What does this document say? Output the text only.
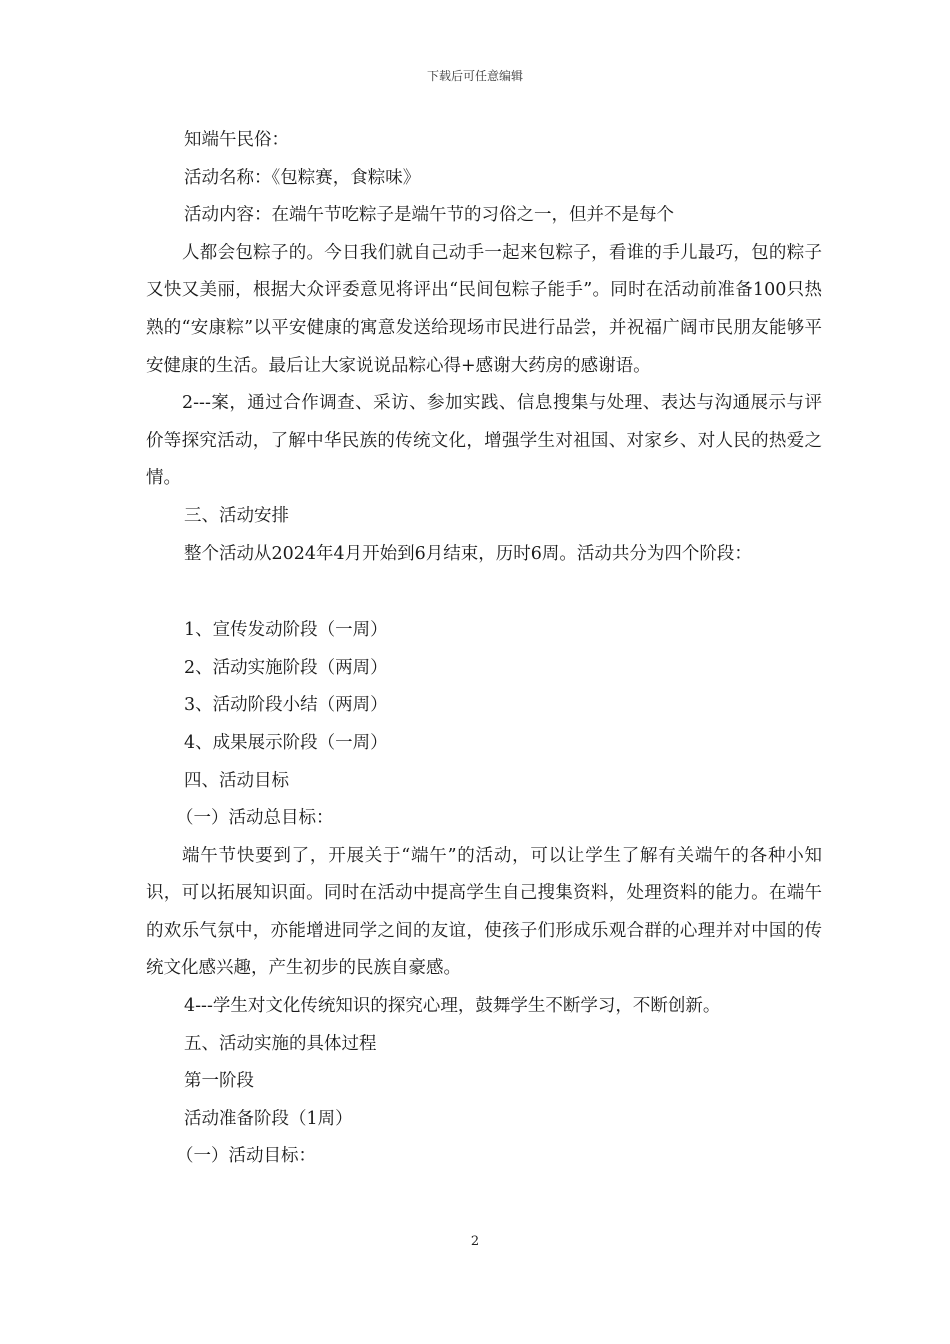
下载后可任意编辑

知端午民俗：

活动名称：《包粽赛，食粽味》

活动内容：在端午节吃粽子是端午节的习俗之一，但并不是每个

人都会包粽子的。今日我们就自己动手一起来包粽子，看谁的手儿最巧，包的粽子又快又美丽，根据大众评委意见将评出“民间包粽子能手”。同时在活动前准备100只热熟的“安康粽”以平安健康的寓意发送给现场市民进行品尝，并祝福广阔市民朋友能够平安健康的生活。最后让大家说说品粽心得+感谢大药房的感谢语。

2---案，通过合作调查、采访、参加实践、信息搜集与处理、表达与沟通展示与评价等探究活动，了解中华民族的传统文化，增强学生对祖国、对家乡、对人民的热爱之情。

三、活动安排

整个活动从2024年4月开始到6月结束，历时6周。活动共分为四个阶段：

1、宣传发动阶段（一周）

2、活动实施阶段（两周）

3、活动阶段小结（两周）

4、成果展示阶段（一周）

四、活动目标

（一）活动总目标：

端午节快要到了，开展关于“端午”的活动，可以让学生了解有关端午的各种小知识，可以拓展知识面。同时在活动中提高学生自己搜集资料，处理资料的能力。在端午的欢乐气氛中，亦能增进同学之间的友谊，使孩子们形成乐观合群的心理并对中国的传统文化感兴趣，产生初步的民族自豪感。

4---学生对文化传统知识的探究心理，鼓舞学生不断学习，不断创新。

五、活动实施的具体过程

第一阶段

活动准备阶段（1周）

（一）活动目标：

2
